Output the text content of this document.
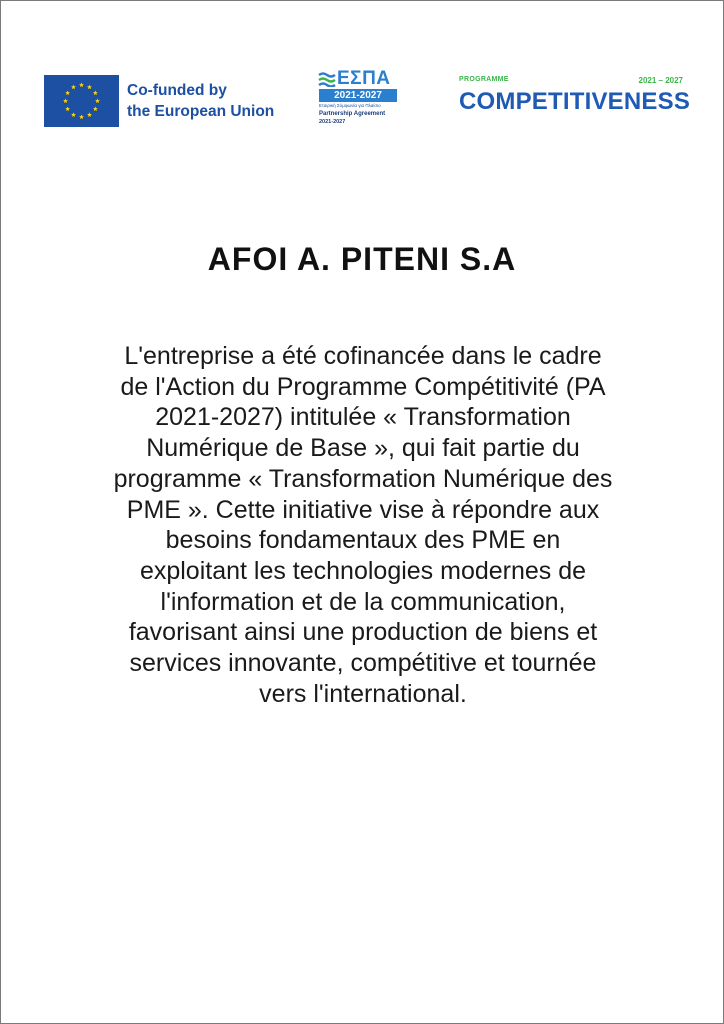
Co-funded by
the European Union
ΕΣΠΑ
2021-2027
Εταιρική Σύμφωνία για Πλαίσιο
Partnership Agreement
2021-2027
PROGRAMME	2021 – 2027
COMPETITIVENESS
AFOI A. PITENI S.A
L'entreprise a été cofinancée dans le cadre
de l'Action du Programme Compétitivité (PA
2021-2027) intitulée « Transformation
Numérique de Base », qui fait partie du
programme « Transformation Numérique des
PME ». Cette initiative vise à répondre aux
besoins fondamentaux des PME en
exploitant les technologies modernes de
l'information et de la communication,
favorisant ainsi une production de biens et
services innovante, compétitive et tournée
vers l'international.
